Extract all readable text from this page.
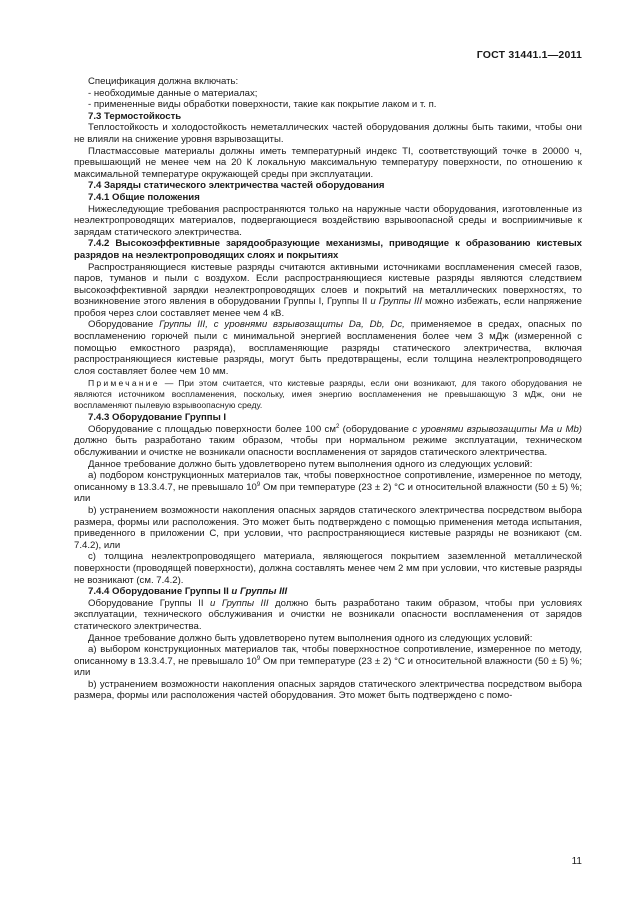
ГОСТ 31441.1—2011

Спецификация должна включать:

- необходимые данные о материалах;

- примененные виды обработки поверхности, такие как покрытие лаком и т. п.

7.3 Термостойкость

Теплостойкость и холодостойкость неметаллических частей оборудования должны быть такими, чтобы они не влияли на снижение уровня взрывозащиты.

Пластмассовые материалы должны иметь температурный индекс TI, соответствующий точке в 20000 ч, превышающий не менее чем на 20 К локальную максимальную температуру поверхности, по отношению к максимальной температуре окружающей среды при эксплуатации.

7.4 Заряды статического электричества частей оборудования

7.4.1 Общие положения

Нижеследующие требования распространяются только на наружные части оборудования, изготовленные из неэлектропроводящих материалов, подвергающиеся воздействию взрывоопасной среды и восприимчивые к зарядам статического электричества.

7.4.2 Высокоэффективные зарядообразующие механизмы, приводящие к образованию кистевых разрядов на неэлектропроводящих слоях и покрытиях

Распространяющиеся кистевые разряды считаются активными источниками воспламенения смесей газов, паров, туманов и пыли с воздухом. Если распространяющиеся кистевые разряды являются следствием высокоэффективной зарядки неэлектропроводящих слоев и покрытий на металлических поверхностях, то возникновение этого явления в оборудовании Группы I, Группы II и Группы III можно избежать, если напряжение пробоя через слои составляет менее чем 4 кВ.

Оборудование Группы III, с уровнями взрывозащиты Da, Db, Dc, применяемое в средах, опасных по воспламенению горючей пыли с минимальной энергией воспламенения более чем 3 мДж (измеренной с помощью емкостного разряда), воспламеняющие разряды статического электричества, включая распространяющиеся кистевые разряды, могут быть предотвращены, если толщина неэлектропроводящего слоя составляет более чем 10 мм.

Примечание — При этом считается, что кистевые разряды, если они возникают, для такого оборудования не являются источником воспламенения, поскольку, имея энергию воспламенения не превышающую 3 мДж, они не воспламеняют пылевую взрывоопасную среду.

7.4.3 Оборудование Группы I

Оборудование с площадью поверхности более 100 $см^2$ (оборудование с уровнями взрывозащиты Ma и Mb) должно быть разработано таким образом, чтобы при нормальном режиме эксплуатации, техническом обслуживании и очистке не возникали опасности воспламенения от зарядов статического электричества.

Данное требование должно быть удовлетворено путем выполнения одного из следующих условий:

a) подбором конструкционных материалов так, чтобы поверхностное сопротивление, измеренное по методу, описанному в 13.3.4.7, не превышало $10^9$ Ом при температуре (23 ± 2) °С и относительной влажности (50 ± 5) %; или

b) устранением возможности накопления опасных зарядов статического электричества посредством выбора размера, формы или расположения. Это может быть подтверждено с помощью применения метода испытания, приведенного в приложении С, при условии, что распространяющиеся кистевые разряды не возникают (см. 7.4.2), или

с) толщина неэлектропроводящего материала, являющегося покрытием заземленной металлической поверхности (проводящей поверхности), должна составлять менее чем 2 мм при условии, что кистевые разряды не возникают (см. 7.4.2).

7.4.4 Оборудование Группы II и Группы III

Оборудование Группы II и Группы III должно быть разработано таким образом, чтобы при условиях эксплуатации, технического обслуживания и очистки не возникали опасности воспламенения от зарядов статического электричества.

Данное требование должно быть удовлетворено путем выполнения одного из следующих условий:

а) выбором конструкционных материалов так, чтобы поверхностное сопротивление, измеренное по методу, описанному в 13.3.4.7, не превышало $10^9$ Ом при температуре (23 ± 2) °С и относительной влажности (50 ± 5) %; или

b) устранением возможности накопления опасных зарядов статического электричества посредством выбора размера, формы или расположения частей оборудования. Это может быть подтверждено с помо-

11
